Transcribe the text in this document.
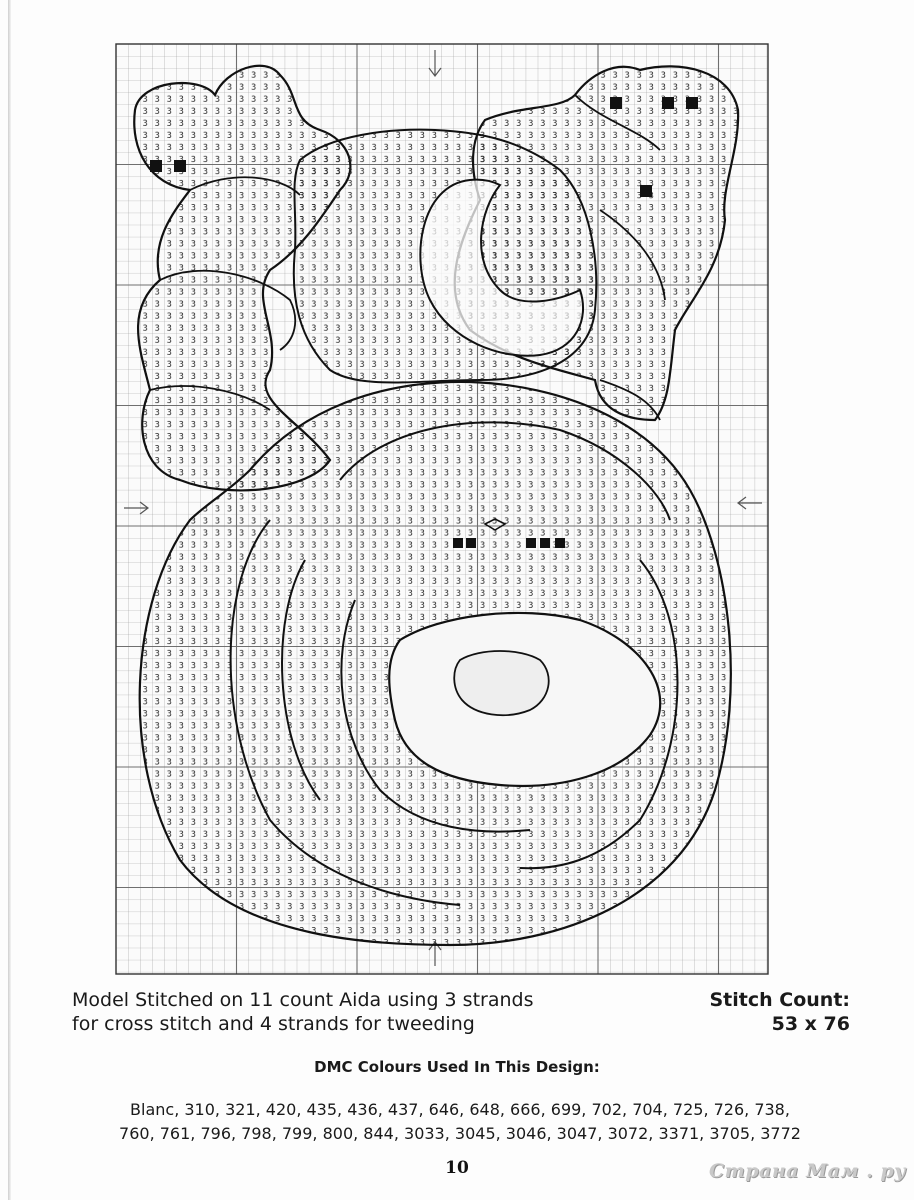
Model Stitched on 11 count Aida using 3 strands
for cross stitch and 4 strands for tweeding
Stitch Count:
53 x 76
DMC Colours Used In This Design:
Blanc, 310, 321, 420, 435, 436, 437, 646, 648, 666, 699, 702, 704, 725, 726, 738,
760, 761, 796, 798, 799, 800, 844, 3033, 3045, 3046, 3047, 3072, 3371, 3705, 3772
10	Страна Мам . ру
